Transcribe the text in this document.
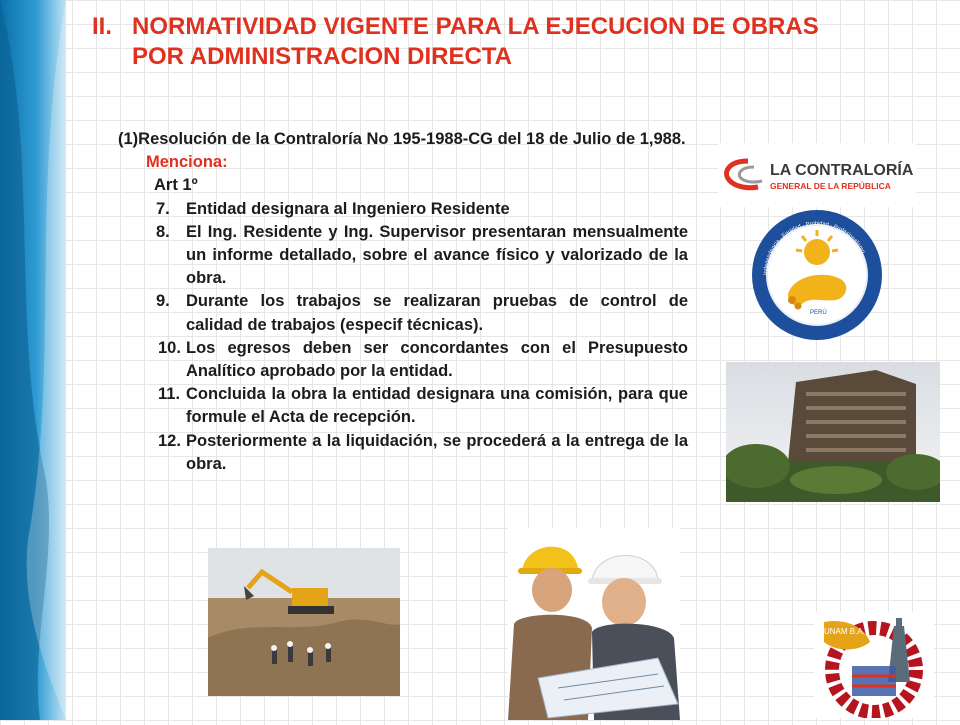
II. NORMATIVIDAD VIGENTE PARA LA EJECUCION DE OBRAS
POR ADMINISTRACION DIRECTA
(1)Resolución de la Contraloría No 195-1988-CG del 18 de Julio de 1,988.
Menciona:
Art 1º
7. Entidad designara al Ingeniero Residente
8. El Ing. Residente y Ing. Supervisor presentaran mensualmente un informe detallado, sobre el avance físico y valorizado de la obra.
9. Durante los trabajos se realizaran pruebas de control de calidad de trabajos (especif técnicas).
10. Los egresos deben ser concordantes con el Presupuesto Analítico aprobado por la entidad.
11. Concluida la obra la entidad designara una comisión, para que formule el Acta de recepción.
12. Posteriormente a la liquidación, se procederá a la entrega de la obra.
LA CONTRALORÍA
GENERAL DE LA REPÚBLICA
PERÚ
Independencia · Equidad · Probidad · Profesionalismo
CONTRALORÍA GENERAL DE LA REPÚBLICA
UNAM B.A.
